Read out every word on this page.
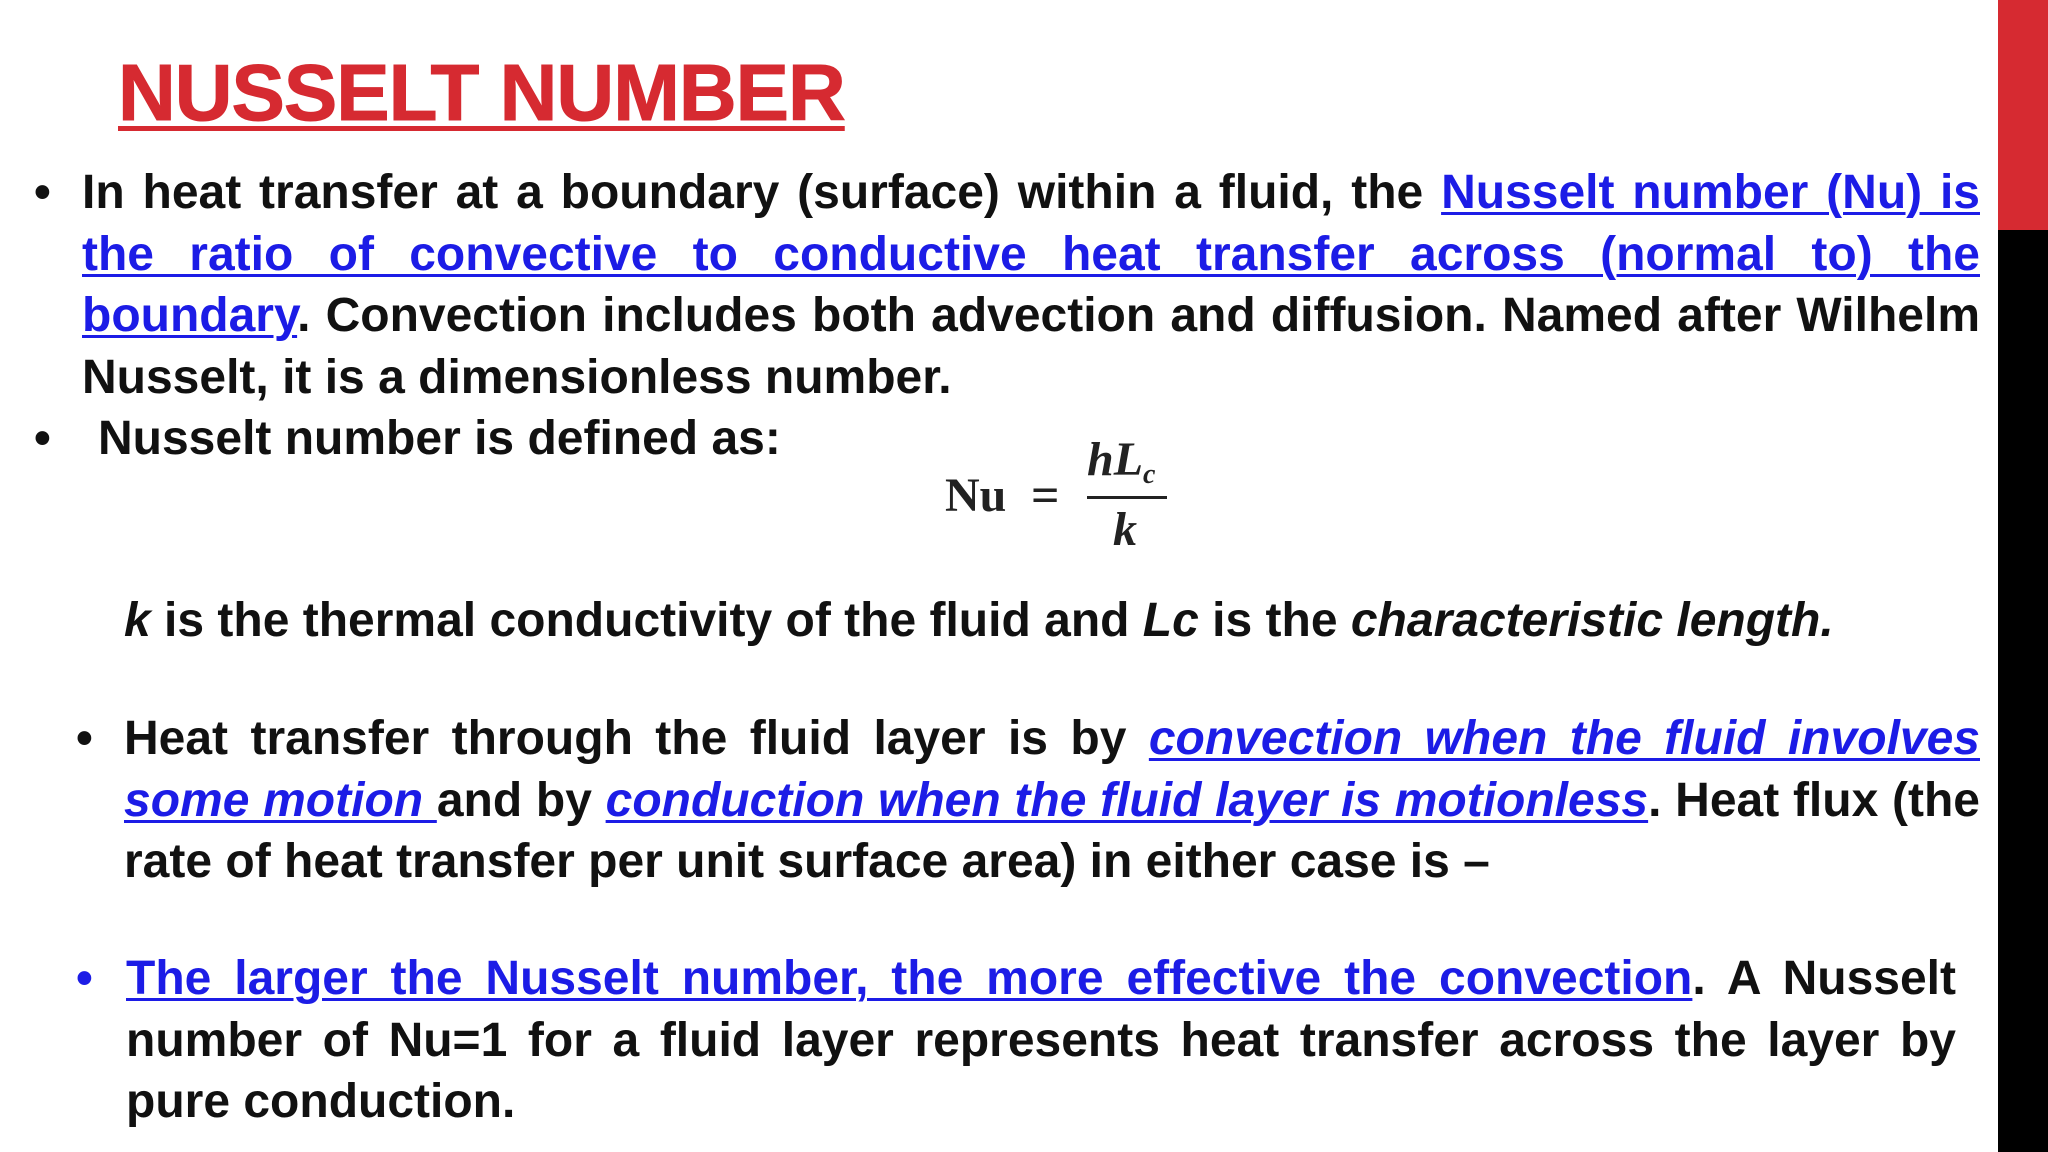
NUSSELT NUMBER
• In heat transfer at a boundary (surface) within a fluid, the Nusselt number (Nu) is the ratio of convective to conductive heat transfer across (normal to) the boundary. Convection includes both advection and diffusion. Named after Wilhelm Nusselt, it is a dimensionless number.

• Nusselt number is defined as:

Nu =
$hL_c$
k

k is the thermal conductivity of the fluid and Lc is the characteristic length.

• Heat transfer through the fluid layer is by convection when the fluid involves some motion and by conduction when the fluid layer is motionless. Heat flux (the rate of heat transfer per unit surface area) in either case is –

• The larger the Nusselt number, the more effective the convection. A Nusselt number of Nu=1 for a fluid layer represents heat transfer across the layer by pure conduction.
